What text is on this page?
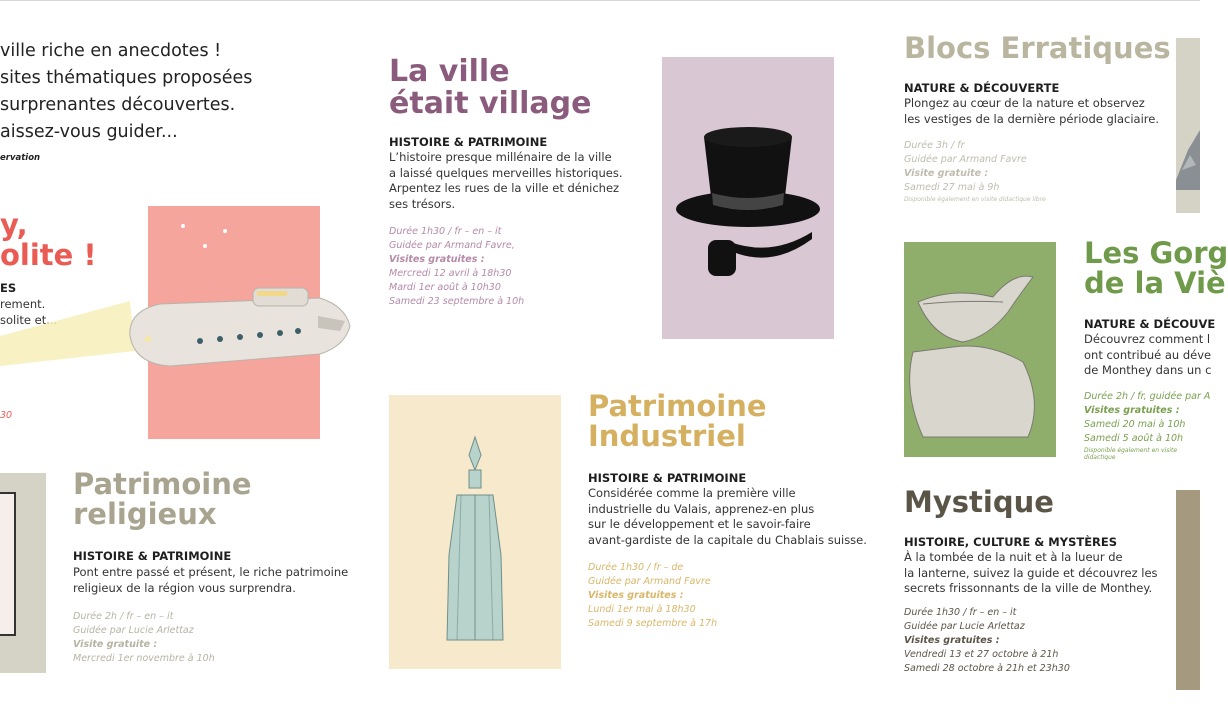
ville riche en anecdotes !
sites thématiques proposées
surprenantes découvertes.
aissez-vous guider...
ervation
y,
olite !
ES
rement.
solite et...
30
Patrimoine
religieux
HISTOIRE & PATRIMOINE
Pont entre passé et présent, le riche patrimoine
religieux de la région vous surprendra.
Durée 2h / fr – en – it
Guidée par Lucie Arlettaz
Visite gratuite :
Mercredi 1er novembre à 10h
La ville
était village
HISTOIRE & PATRIMOINE
L’histoire presque millénaire de la ville
a laissé quelques merveilles historiques.
Arpentez les rues de la ville et dénichez
ses trésors.
Durée 1h30 / fr – en – it
Guidée par Armand Favre,
Visites gratuites :
Mercredi 12 avril à 18h30
Mardi 1er août à 10h30
Samedi 23 septembre à 10h
Patrimoine
Industriel
HISTOIRE & PATRIMOINE
Considérée comme la première ville
industrielle du Valais, apprenez-en plus
sur le développement et le savoir-faire
avant-gardiste de la capitale du Chablais suisse.
Durée 1h30 / fr – de
Guidée par Armand Favre
Visites gratuites :
Lundi 1er mai à 18h30
Samedi 9 septembre à 17h
Blocs Erratiques
NATURE & DÉCOUVERTE
Plongez au cœur de la nature et observez
les vestiges de la dernière période glaciaire.
Durée 3h / fr
Guidée par Armand Favre
Visite gratuite :
Samedi 27 mai à 9h
Disponible également en visite didactique libre
Les Gorg
de la Viè
NATURE & DÉCOUVE
Découvrez comment l
ont contribué au déve
de Monthey dans un c
Durée 2h / fr, guidée par A
Visites gratuites :
Samedi 20 mai à 10h
Samedi 5 août à 10h
Disponible également en visite didactique
Mystique
HISTOIRE, CULTURE & MYSTÈRES
À la tombée de la nuit et à la lueur de
la lanterne, suivez la guide et découvrez les
secrets frissonnants de la ville de Monthey.
Durée 1h30 / fr – en – it
Guidée par Lucie Arlettaz
Visites gratuites :
Vendredi 13 et 27 octobre à 21h
Samedi 28 octobre à 21h et 23h30
